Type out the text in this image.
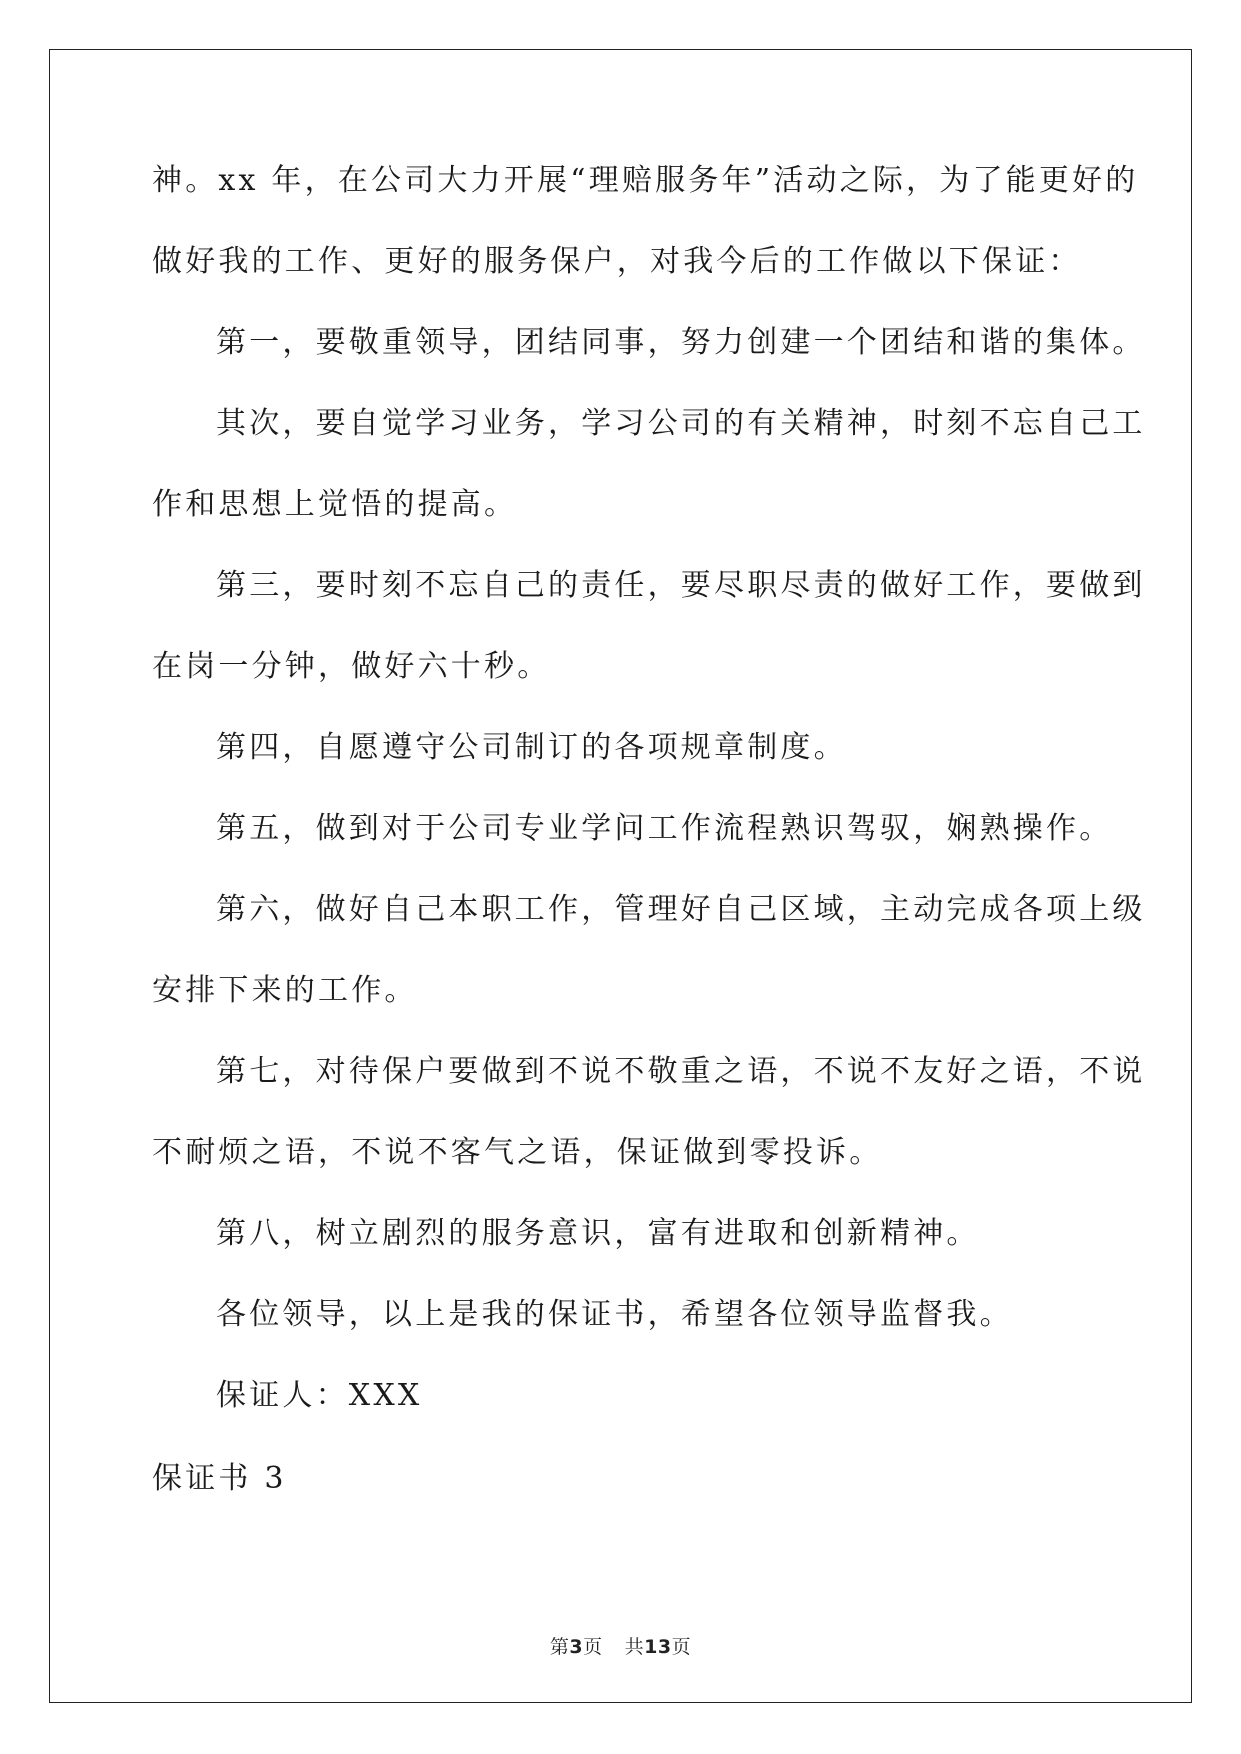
神。xx 年，在公司大力开展“理赔服务年”活动之际，为了能更好的
做好我的工作、更好的服务保户，对我今后的工作做以下保证：
第一，要敬重领导，团结同事，努力创建一个团结和谐的集体。
其次，要自觉学习业务，学习公司的有关精神，时刻不忘自己工
作和思想上觉悟的提高。
第三，要时刻不忘自己的责任，要尽职尽责的做好工作，要做到
在岗一分钟，做好六十秒。
第四，自愿遵守公司制订的各项规章制度。
第五，做到对于公司专业学问工作流程熟识驾驭，娴熟操作。
第六，做好自己本职工作，管理好自己区域，主动完成各项上级
安排下来的工作。
第七，对待保户要做到不说不敬重之语，不说不友好之语，不说
不耐烦之语，不说不客气之语，保证做到零投诉。
第八，树立剧烈的服务意识，富有进取和创新精神。
各位领导，以上是我的保证书，希望各位领导监督我。
保证人：XXX
保证书 3
第3页 共13页
